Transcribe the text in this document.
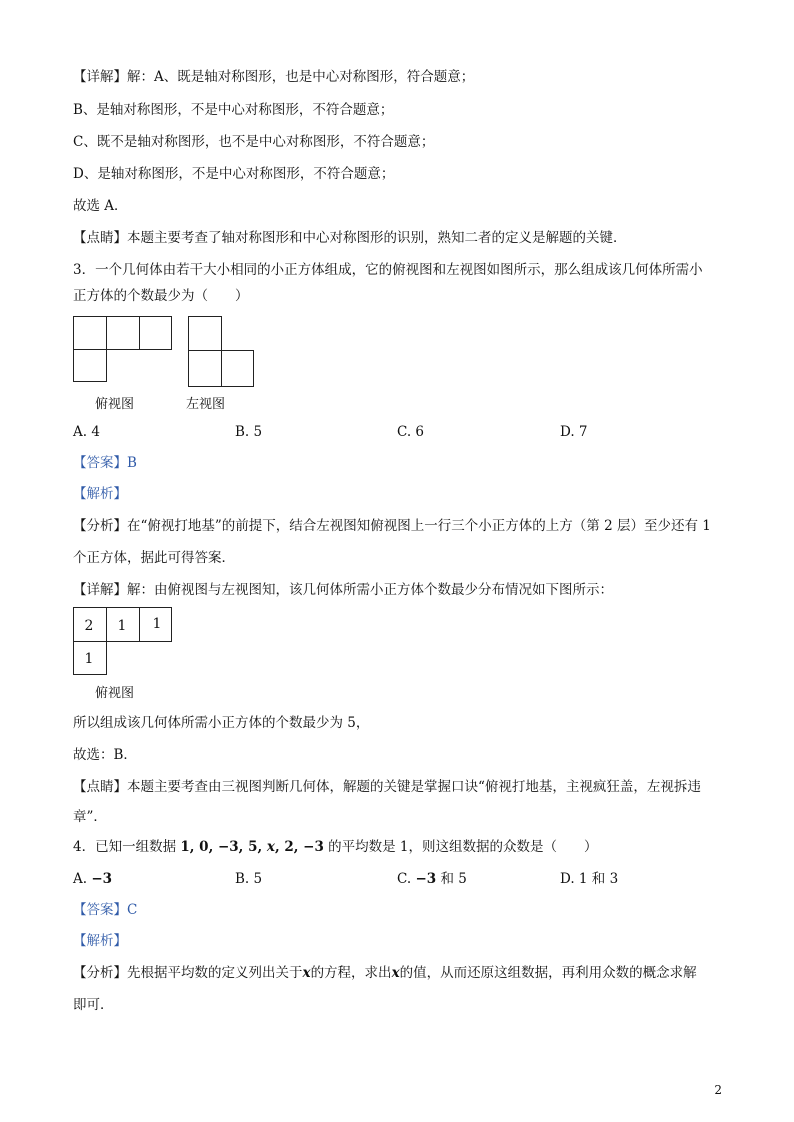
【详解】解：A、既是轴对称图形，也是中心对称图形，符合题意；
B、是轴对称图形，不是中心对称图形，不符合题意；
C、既不是轴对称图形，也不是中心对称图形，不符合题意；
D、是轴对称图形，不是中心对称图形，不符合题意；
故选 A．
【点睛】本题主要考查了轴对称图形和中心对称图形的识别，熟知二者的定义是解题的关键．
3．一个几何体由若干大小相同的小正方体组成，它的俯视图和左视图如图所示，那么组成该几何体所需小
正方体的个数最少为（　　）
俯视图	左视图
A. 4	B. 5	C. 6	D. 7
【答案】B
【解析】
【分析】在“俯视打地基”的前提下，结合左视图知俯视图上一行三个小正方体的上方（第 2 层）至少还有 1
个正方体，据此可得答案．
【详解】解：由俯视图与左视图知，该几何体所需小正方体个数最少分布情况如下图所示：
2	1	1
1
俯视图
所以组成该几何体所需小正方体的个数最少为 5，
故选：B．
【点睛】本题主要考查由三视图判断几何体，解题的关键是掌握口诀“俯视打地基，主视疯狂盖，左视拆违
章”．
4．已知一组数据 1, 0, −3, 5, x, 2, −3 的平均数是 1，则这组数据的众数是（　　）
A. −3	B. 5	C. −3 和 5	D. 1 和 3
【答案】C
【解析】
【分析】先根据平均数的定义列出关于x的方程，求出x的值，从而还原这组数据，再利用众数的概念求解
即可．
2
